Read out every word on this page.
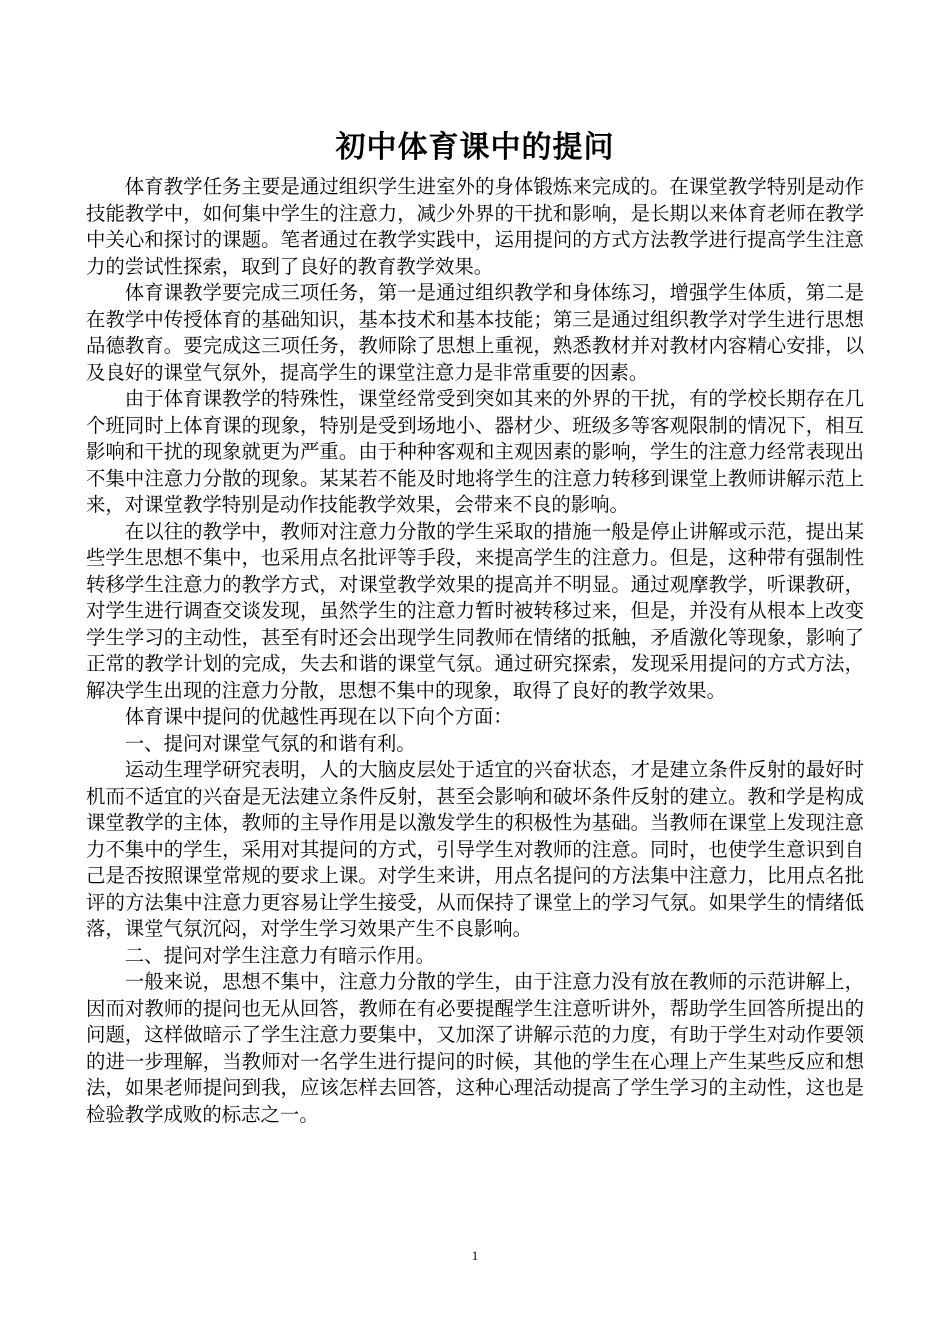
初中体育课中的提问

体育教学任务主要是通过组织学生进室外的身体锻炼来完成的。在课堂教学特别是动作技能教学中，如何集中学生的注意力，减少外界的干扰和影响，是长期以来体育老师在教学中关心和探讨的课题。笔者通过在教学实践中，运用提问的方式方法教学进行提高学生注意力的尝试性探索，取到了良好的教育教学效果。

体育课教学要完成三项任务，第一是通过组织教学和身体练习，增强学生体质，第二是在教学中传授体育的基础知识，基本技术和基本技能；第三是通过组织教学对学生进行思想品德教育。要完成这三项任务，教师除了思想上重视，熟悉教材并对教材内容精心安排，以及良好的课堂气氛外，提高学生的课堂注意力是非常重要的因素。

由于体育课教学的特殊性，课堂经常受到突如其来的外界的干扰，有的学校长期存在几个班同时上体育课的现象，特别是受到场地小、器材少、班级多等客观限制的情况下，相互影响和干扰的现象就更为严重。由于种种客观和主观因素的影响，学生的注意力经常表现出不集中注意力分散的现象。某某若不能及时地将学生的注意力转移到课堂上教师讲解示范上来，对课堂教学特别是动作技能教学效果，会带来不良的影响。

在以往的教学中，教师对注意力分散的学生采取的措施一般是停止讲解或示范，提出某些学生思想不集中，也采用点名批评等手段，来提高学生的注意力。但是，这种带有强制性转移学生注意力的教学方式，对课堂教学效果的提高并不明显。通过观摩教学，听课教研，对学生进行调查交谈发现，虽然学生的注意力暂时被转移过来，但是，并没有从根本上改变学生学习的主动性，甚至有时还会出现学生同教师在情绪的抵触，矛盾激化等现象，影响了正常的教学计划的完成，失去和谐的课堂气氛。通过研究探索，发现采用提问的方式方法，解决学生出现的注意力分散，思想不集中的现象，取得了良好的教学效果。

体育课中提问的优越性再现在以下向个方面：

一、提问对课堂气氛的和谐有利。

运动生理学研究表明，人的大脑皮层处于适宜的兴奋状态，才是建立条件反射的最好时机而不适宜的兴奋是无法建立条件反射，甚至会影响和破坏条件反射的建立。教和学是构成课堂教学的主体，教师的主导作用是以激发学生的积极性为基础。当教师在课堂上发现注意力不集中的学生，采用对其提问的方式，引导学生对教师的注意。同时，也使学生意识到自己是否按照课堂常规的要求上课。对学生来讲，用点名提问的方法集中注意力，比用点名批评的方法集中注意力更容易让学生接受，从而保持了课堂上的学习气氛。如果学生的情绪低落，课堂气氛沉闷，对学生学习效果产生不良影响。

二、提问对学生注意力有暗示作用。

一般来说，思想不集中，注意力分散的学生，由于注意力没有放在教师的示范讲解上，因而对教师的提问也无从回答，教师在有必要提醒学生注意听讲外，帮助学生回答所提出的问题，这样做暗示了学生注意力要集中，又加深了讲解示范的力度，有助于学生对动作要领的进一步理解，当教师对一名学生进行提问的时候，其他的学生在心理上产生某些反应和想法，如果老师提问到我，应该怎样去回答，这种心理活动提高了学生学习的主动性，这也是检验教学成败的标志之一。

1
